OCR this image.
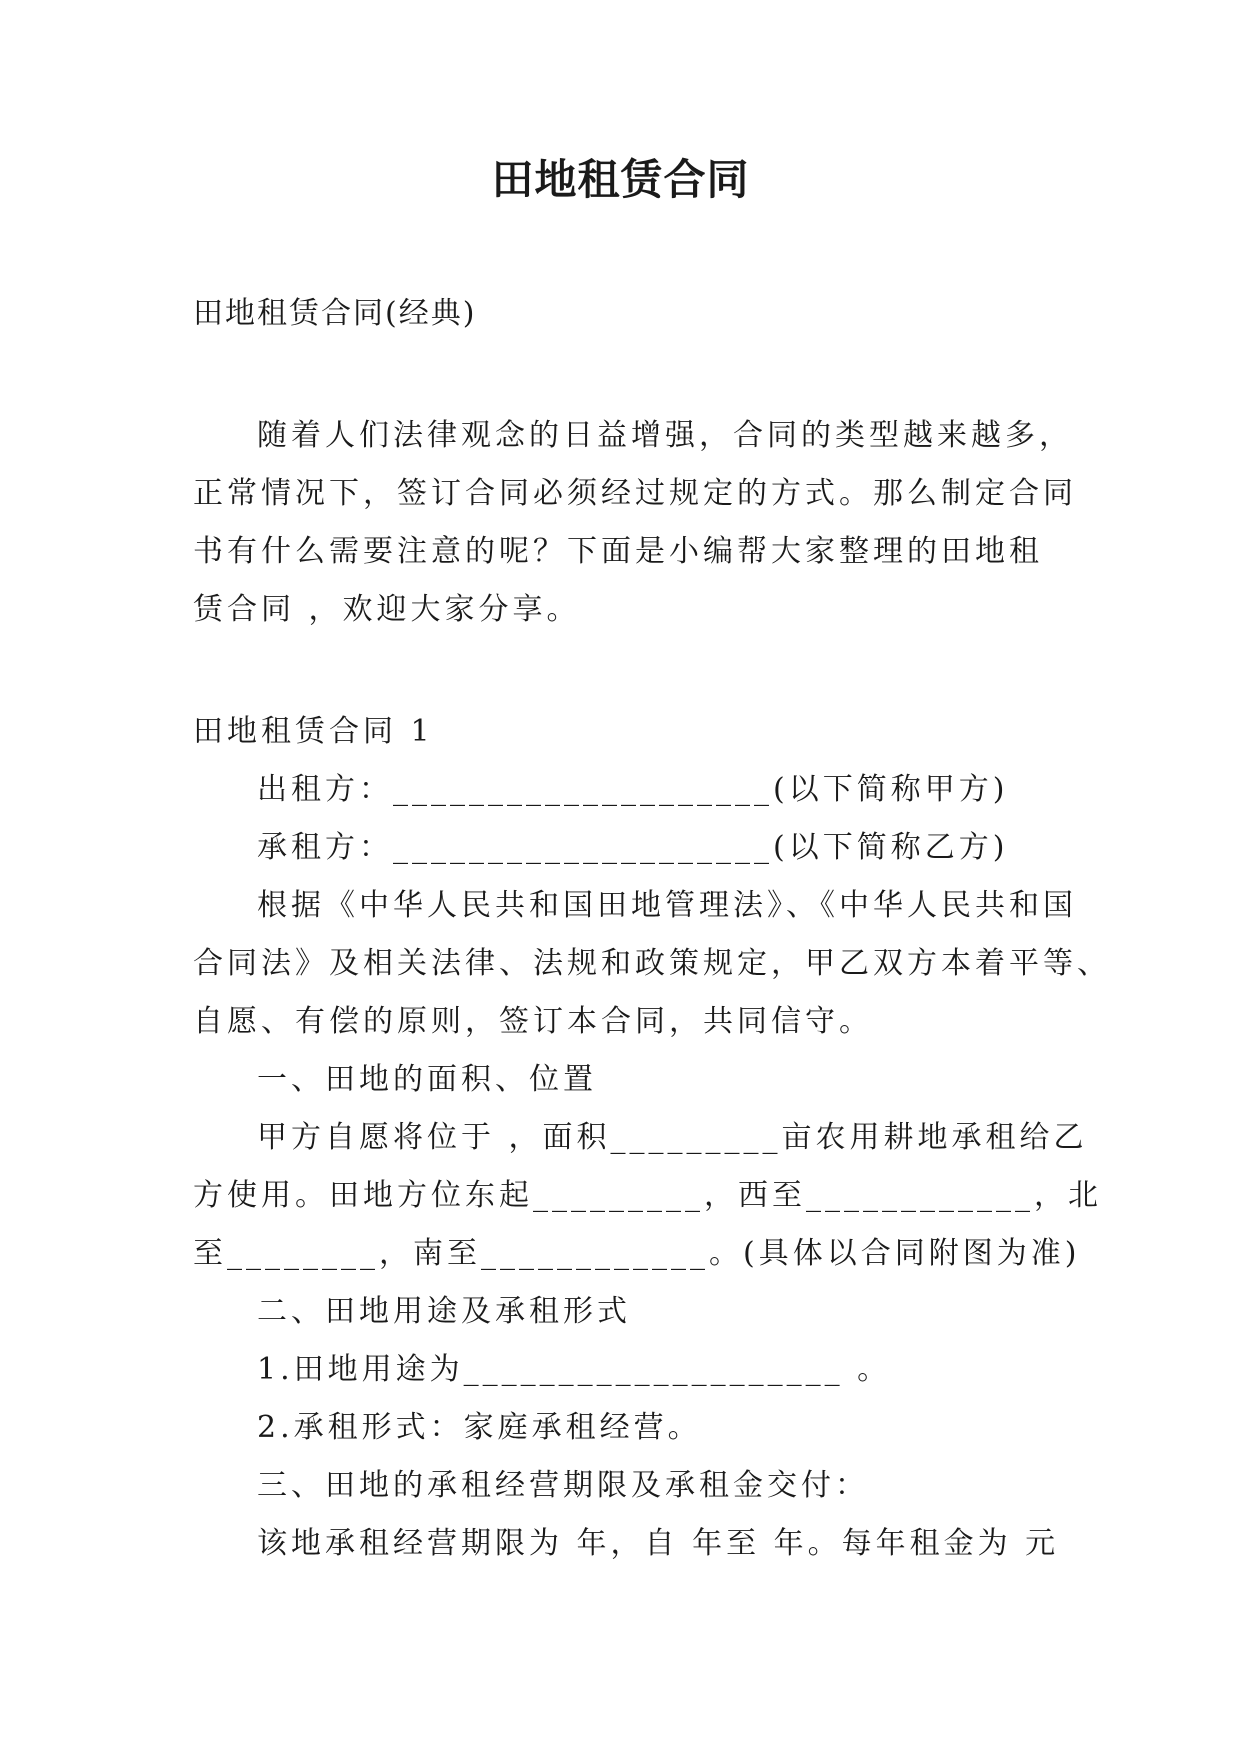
田地租赁合同
田地租赁合同(经典)
随着人们法律观念的日益增强，合同的类型越来越多，
正常情况下，签订合同必须经过规定的方式。那么制定合同
书有什么需要注意的呢？下面是小编帮大家整理的田地租
赁合同 ，欢迎大家分享。
田地租赁合同 1
出租方：____________________(以下简称甲方)
承租方：____________________(以下简称乙方)
根据《中华人民共和国田地管理法》、《中华人民共和国
合同法》及相关法律、法规和政策规定，甲乙双方本着平等、
自愿、有偿的原则，签订本合同，共同信守。
一、田地的面积、位置
甲方自愿将位于 ，面积_________亩农用耕地承租给乙
方使用。田地方位东起_________，西至____________，北
至________，南至____________。(具体以合同附图为准)
二、田地用途及承租形式
1.田地用途为____________________ 。
2.承租形式：家庭承租经营。
三、田地的承租经营期限及承租金交付：
该地承租经营期限为 年，自 年至 年。每年租金为 元
